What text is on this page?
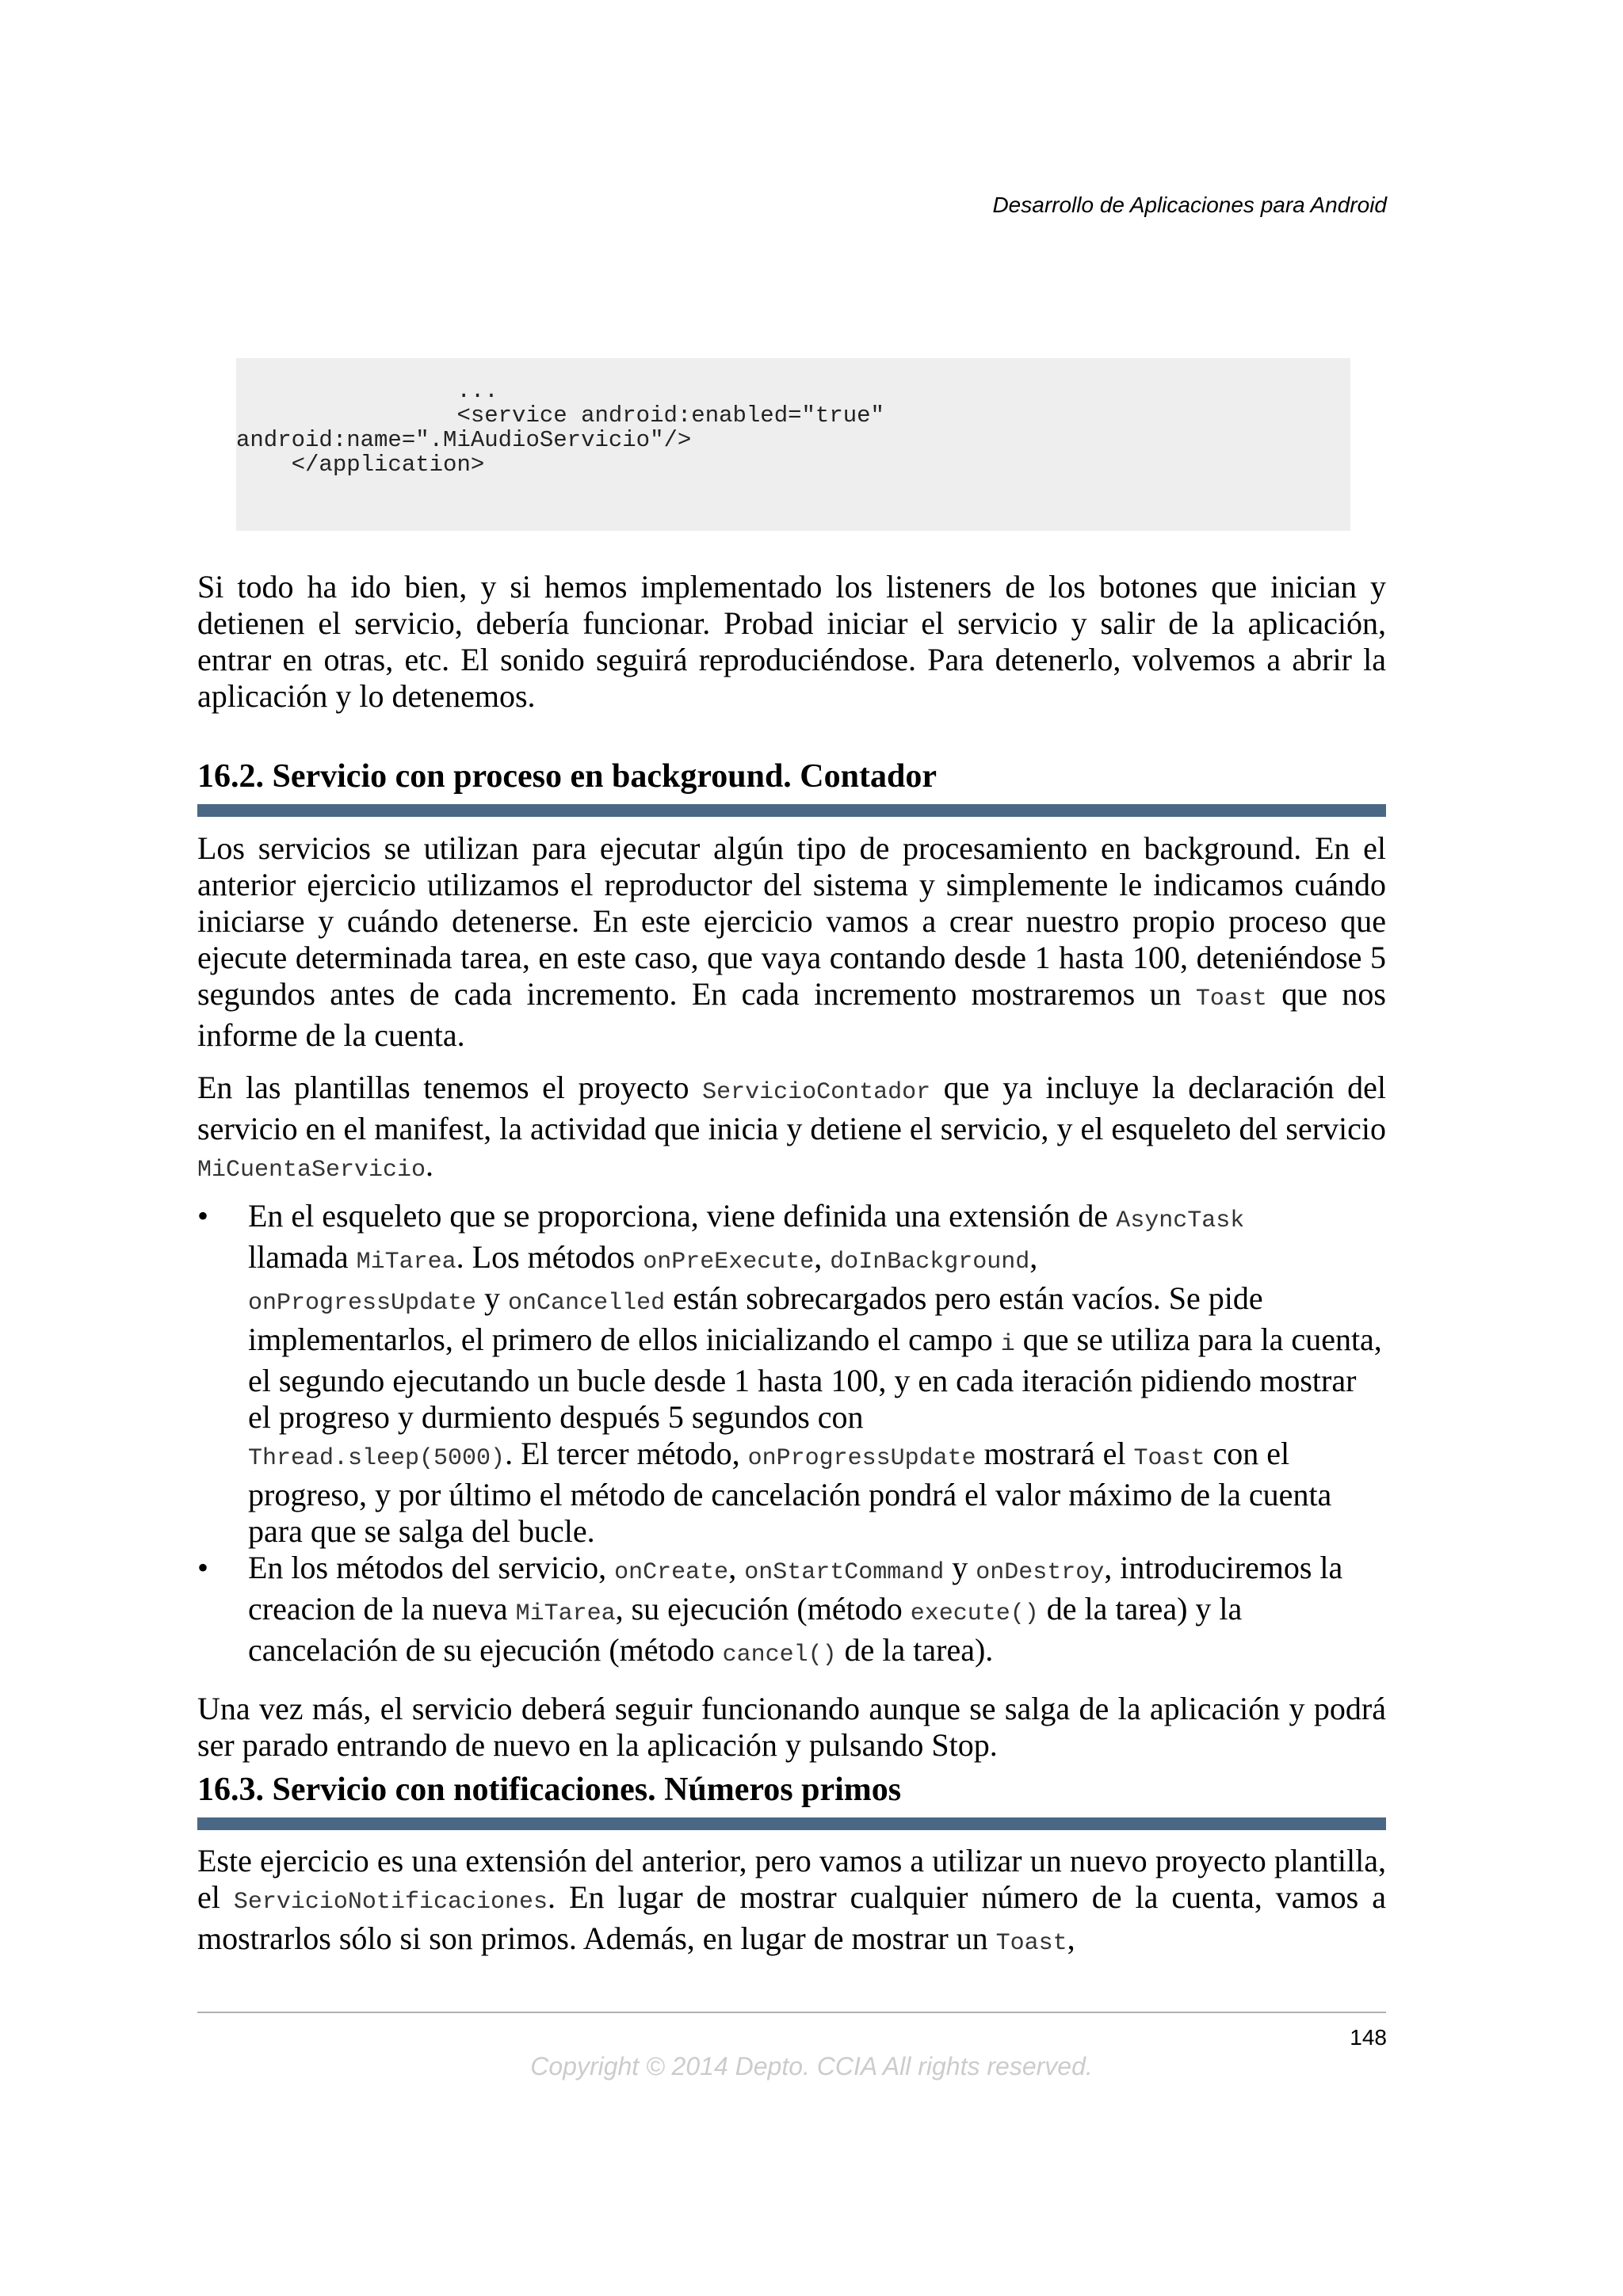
Desarrollo de Aplicaciones para Android
...
<service android:enabled="true"
android:name=".MiAudioServicio"/>
</application>

Si todo ha ido bien, y si hemos implementado los listeners de los botones que inician y detienen el servicio, debería funcionar. Probad iniciar el servicio y salir de la aplicación, entrar en otras, etc. El sonido seguirá reproduciéndose. Para detenerlo, volvemos a abrir la aplicación y lo detenemos.

16.2. Servicio con proceso en background. Contador

Los servicios se utilizan para ejecutar algún tipo de procesamiento en background. En el anterior ejercicio utilizamos el reproductor del sistema y simplemente le indicamos cuándo iniciarse y cuándo detenerse. En este ejercicio vamos a crear nuestro propio proceso que ejecute determinada tarea, en este caso, que vaya contando desde 1 hasta 100, deteniéndose 5 segundos antes de cada incremento. En cada incremento mostraremos un Toast que nos informe de la cuenta.

En las plantillas tenemos el proyecto ServicioContador que ya incluye la declaración del servicio en el manifest, la actividad que inicia y detiene el servicio, y el esqueleto del servicio MiCuentaServicio.

• En el esqueleto que se proporciona, viene definida una extensión de AsyncTask
llamada MiTarea. Los métodos onPreExecute, doInBackground,
onProgressUpdate y onCancelled están sobrecargados pero están vacíos. Se pide implementarlos, el primero de ellos inicializando el campo i que se utiliza para la cuenta, el segundo ejecutando un bucle desde 1 hasta 100, y en cada iteración pidiendo mostrar el progreso y durmiento después 5 segundos con
Thread.sleep(5000). El tercer método, onProgressUpdate mostrará el Toast con el progreso, y por último el método de cancelación pondrá el valor máximo de la cuenta para que se salga del bucle.
• En los métodos del servicio, onCreate, onStartCommand y onDestroy, introduciremos la creacion de la nueva MiTarea, su ejecución (método execute() de la tarea) y la cancelación de su ejecución (método cancel() de la tarea).

Una vez más, el servicio deberá seguir funcionando aunque se salga de la aplicación y podrá ser parado entrando de nuevo en la aplicación y pulsando Stop.

16.3. Servicio con notificaciones. Números primos

Este ejercicio es una extensión del anterior, pero vamos a utilizar un nuevo proyecto plantilla, el ServicioNotificaciones. En lugar de mostrar cualquier número de la cuenta, vamos a mostrarlos sólo si son primos. Además, en lugar de mostrar un Toast,

148
Copyright © 2014 Depto. CCIA All rights reserved.
